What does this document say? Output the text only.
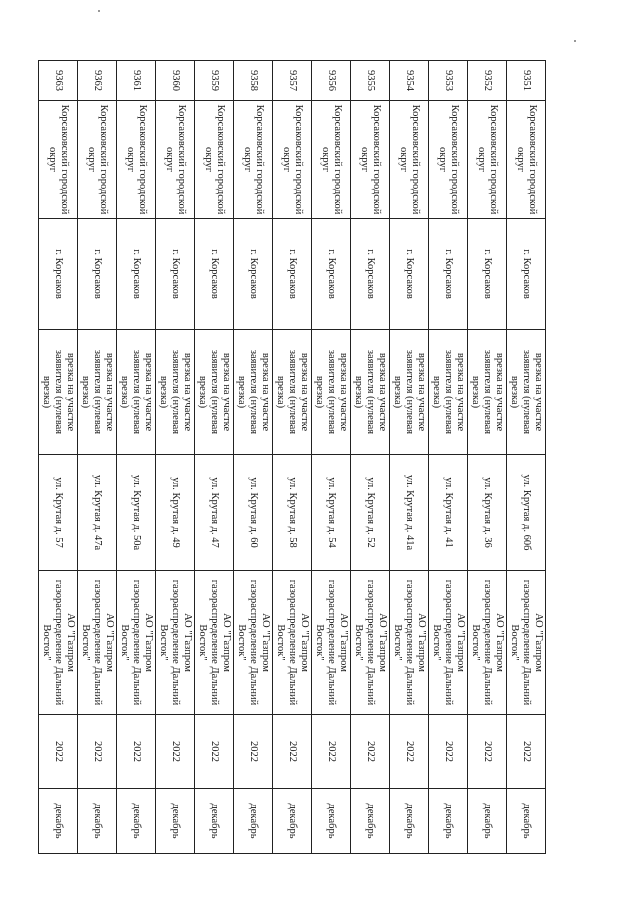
9351	Корсаковский городской округ	г. Корсаков	врезка на участке заявителя (нулевая врезка)	ул. Крутая д. 60б	АО "Газпром газораспределение Дальний Восток"	2022	декабрь
9352	Корсаковский городской округ	г. Корсаков	врезка на участке заявителя (нулевая врезка)	ул. Крутая д. 36	АО "Газпром газораспределение Дальний Восток"	2022	декабрь
9353	Корсаковский городской округ	г. Корсаков	врезка на участке заявителя (нулевая врезка)	ул. Крутая д. 41	АО "Газпром газораспределение Дальний Восток"	2022	декабрь
9354	Корсаковский городской округ	г. Корсаков	врезка на участке заявителя (нулевая врезка)	ул. Крутая д. 41а	АО "Газпром газораспределение Дальний Восток"	2022	декабрь
9355	Корсаковский городской округ	г. Корсаков	врезка на участке заявителя (нулевая врезка)	ул. Крутая д. 52	АО "Газпром газораспределение Дальний Восток"	2022	декабрь
9356	Корсаковский городской округ	г. Корсаков	врезка на участке заявителя (нулевая врезка)	ул. Крутая д. 54	АО "Газпром газораспределение Дальний Восток"	2022	декабрь
9357	Корсаковский городской округ	г. Корсаков	врезка на участке заявителя (нулевая врезка)	ул. Крутая д. 58	АО "Газпром газораспределение Дальний Восток"	2022	декабрь
9358	Корсаковский городской округ	г. Корсаков	врезка на участке заявителя (нулевая врезка)	ул. Крутая д. 60	АО "Газпром газораспределение Дальний Восток"	2022	декабрь
9359	Корсаковский городской округ	г. Корсаков	врезка на участке заявителя (нулевая врезка)	ул. Крутая д. 47	АО "Газпром газораспределение Дальний Восток"	2022	декабрь
9360	Корсаковский городской округ	г. Корсаков	врезка на участке заявителя (нулевая врезка)	ул. Крутая д. 49	АО "Газпром газораспределение Дальний Восток"	2022	декабрь
9361	Корсаковский городской округ	г. Корсаков	врезка на участке заявителя (нулевая врезка)	ул. Крутая д. 50а	АО "Газпром газораспределение Дальний Восток"	2022	декабрь
9362	Корсаковский городской округ	г. Корсаков	врезка на участке заявителя (нулевая врезка)	ул. Крутая д. 47а	АО "Газпром газораспределение Дальний Восток"	2022	декабрь
9363	Корсаковский городской округ	г. Корсаков	врезка на участке заявителя (нулевая врезка)	ул. Крутая д. 57	АО "Газпром газораспределение Дальний Восток"	2022	декабрь
